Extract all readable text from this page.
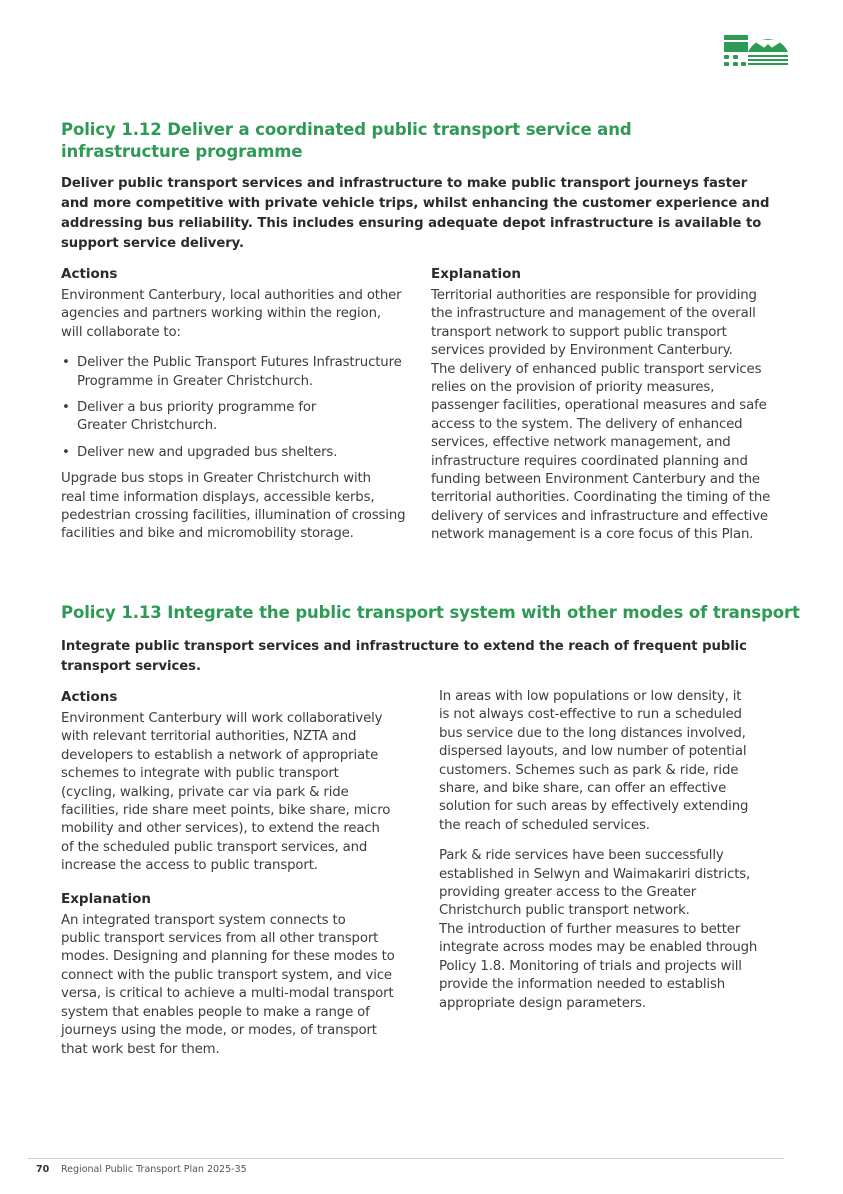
Policy 1.12 Deliver a coordinated public transport service and
infrastructure programme

Deliver public transport services and infrastructure to make public transport journeys faster
and more competitive with private vehicle trips, whilst enhancing the customer experience and
addressing bus reliability. This includes ensuring adequate depot infrastructure is available to
support service delivery.

Actions

Environment Canterbury, local authorities and other
agencies and partners working within the region,
will collaborate to:

• Deliver the Public Transport Futures Infrastructure
Programme in Greater Christchurch.
• Deliver a bus priority programme for
Greater Christchurch.
• Deliver new and upgraded bus shelters.

Upgrade bus stops in Greater Christchurch with
real time information displays, accessible kerbs,
pedestrian crossing facilities, illumination of crossing
facilities and bike and micromobility storage.

Explanation

Territorial authorities are responsible for providing
the infrastructure and management of the overall
transport network to support public transport
services provided by Environment Canterbury.
The delivery of enhanced public transport services
relies on the provision of priority measures,
passenger facilities, operational measures and safe
access to the system. The delivery of enhanced
services, effective network management, and
infrastructure requires coordinated planning and
funding between Environment Canterbury and the
territorial authorities. Coordinating the timing of the
delivery of services and infrastructure and effective
network management is a core focus of this Plan.

Policy 1.13 Integrate the public transport system with other modes of transport

Integrate public transport services and infrastructure to extend the reach of frequent public
transport services.

Actions

Environment Canterbury will work collaboratively
with relevant territorial authorities, NZTA and
developers to establish a network of appropriate
schemes to integrate with public transport
(cycling, walking, private car via park & ride
facilities, ride share meet points, bike share, micro
mobility and other services), to extend the reach
of the scheduled public transport services, and
increase the access to public transport.

Explanation

An integrated transport system connects to
public transport services from all other transport
modes. Designing and planning for these modes to
connect with the public transport system, and vice
versa, is critical to achieve a multi-modal transport
system that enables people to make a range of
journeys using the mode, or modes, of transport
that work best for them.

In areas with low populations or low density, it
is not always cost-effective to run a scheduled
bus service due to the long distances involved,
dispersed layouts, and low number of potential
customers. Schemes such as park & ride, ride
share, and bike share, can offer an effective
solution for such areas by effectively extending
the reach of scheduled services.

Park & ride services have been successfully
established in Selwyn and Waimakariri districts,
providing greater access to the Greater
Christchurch public transport network.
The introduction of further measures to better
integrate across modes may be enabled through
Policy 1.8. Monitoring of trials and projects will
provide the information needed to establish
appropriate design parameters.

70 Regional Public Transport Plan 2025-35
